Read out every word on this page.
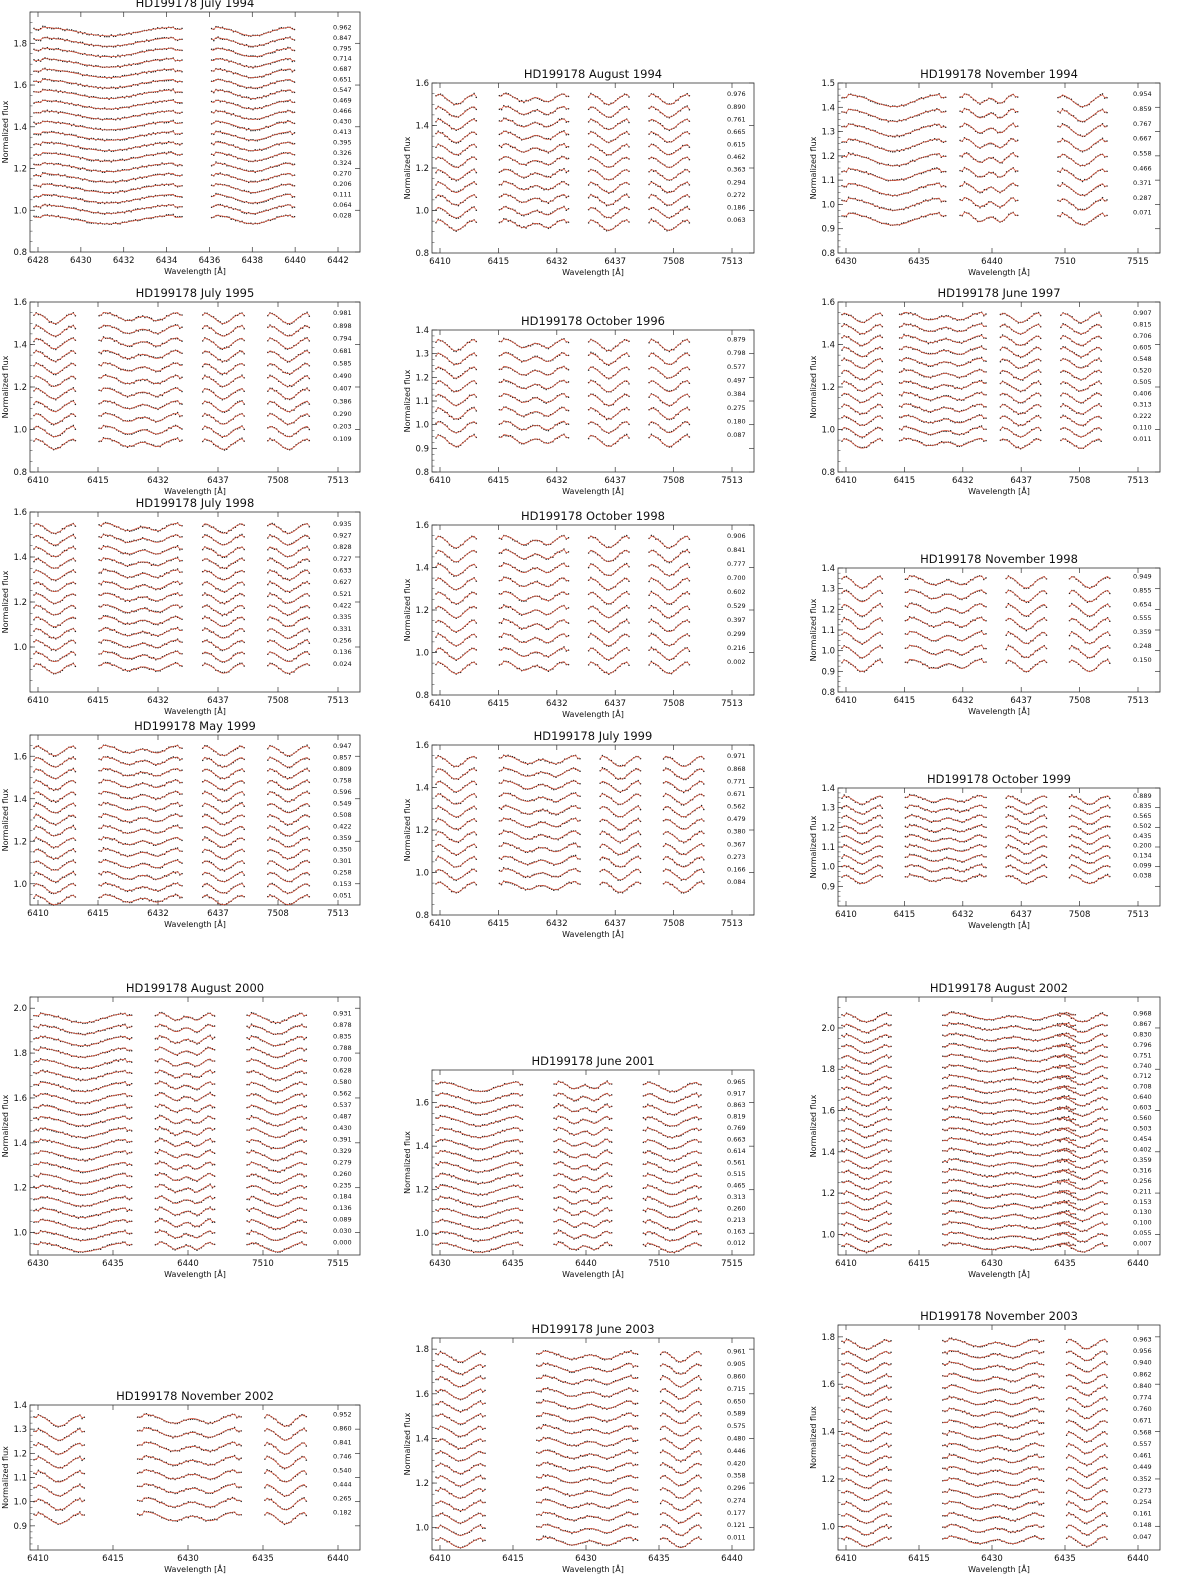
HD199178 July 1994
Normalized flux
Wavelength [Å]
0.8
1.0
1.2
1.4
1.6
1.8
6428 6430 6432 6434 6436 6438 6440 6442
0.962
0.847
0.795
0.714
0.687
0.651
0.547
0.469
0.466
0.430
0.413
0.395
0.326
0.324
0.270
0.206
0.111
0.064
0.028
HD199178 August 1994
Normalized flux
Wavelength [Å]
0.8
1.0
1.2
1.4
1.6
6410	6415	6432	6437	7508	7513
0.976
0.890
0.761
0.665
0.615
0.462
0.363
0.294
0.272
0.186
0.063
HD199178 November 1994
Normalized flux
Wavelength [Å]
0.8
0.9
1.0
1.1
1.2
1.3
1.4
1.5
6430	6435	6440	7510	7515
0.954
0.859
0.767
0.667
0.558
0.466
0.371
0.287
0.071
HD199178 July 1995
Normalized flux
Wavelength [Å]
0.8
1.0
1.2
1.4
1.6
6410	6415	6432	6437	7508	7513
0.981
0.898
0.794
0.681
0.585
0.490
0.407
0.386
0.290
0.203
0.109
HD199178 October 1996
Normalized flux
Wavelength [Å]
0.8
0.9
1.0
1.1
1.2
1.3
1.4
6410	6415	6432	6437	7508	7513
0.879
0.798
0.577
0.497
0.384
0.275
0.180
0.087
HD199178 June 1997
Normalized flux
Wavelength [Å]
0.8
1.0
1.2
1.4
1.6
6410	6415	6432	6437	7508	7513
0.907
0.815
0.706
0.605
0.548
0.520
0.505
0.406
0.313
0.222
0.110
0.011
HD199178 July 1998
Normalized flux
Wavelength [Å]
1.0
1.2
1.4
1.6
6410	6415	6432	6437	7508	7513
0.935
0.927
0.828
0.727
0.633
0.627
0.521
0.422
0.335
0.331
0.256
0.136
0.024
HD199178 October 1998
Normalized flux
Wavelength [Å]
0.8
1.0
1.2
1.4
1.6
6410	6415	6432	6437	7508	7513
0.906
0.841
0.777
0.700
0.602
0.529
0.397
0.299
0.216
0.002
HD199178 November 1998
Normalized flux
Wavelength [Å]
0.8
0.9
1.0
1.1
1.2
1.3
1.4
6410	6415	6432	6437	7508	7513
0.949
0.855
0.654
0.555
0.359
0.248
0.150
HD199178 May 1999
Normalized flux
Wavelength [Å]
1.0
1.2
1.4
1.6
6410	6415	6432	6437	7508	7513
0.947
0.857
0.809
0.758
0.596
0.549
0.508
0.422
0.359
0.350
0.301
0.258
0.153
0.051
HD199178 July 1999
Normalized flux
Wavelength [Å]
0.8
1.0
1.2
1.4
1.6
6410	6415	6432	6437	7508	7513
0.971
0.868
0.771
0.671
0.562
0.479
0.380
0.367
0.273
0.166
0.084
HD199178 October 1999
Normalized flux
Wavelength [Å]
0.9
1.0
1.1
1.2
1.3
1.4
6410	6415	6432	6437	7508	7513
0.889
0.835
0.565
0.502
0.435
0.200
0.134
0.099
0.038
HD199178 August 2000
Normalized flux
Wavelength [Å]
1.0
1.2
1.4
1.6
1.8
2.0
6430	6435	6440	7510	7515
0.931
0.878
0.835
0.788
0.700
0.628
0.580
0.562
0.537
0.487
0.430
0.391
0.329
0.279
0.260
0.235
0.184
0.136
0.089
0.030
0.000
HD199178 June 2001
Normalized flux
Wavelength [Å]
1.0
1.2
1.4
1.6
6430	6435	6440	7510	7515
0.965
0.917
0.863
0.819
0.769
0.663
0.614
0.561
0.515
0.465
0.313
0.260
0.213
0.163
0.012
HD199178 August 2002
Normalized flux
Wavelength [Å]
1.0
1.2
1.4
1.6
1.8
2.0
6410	6415	6430	6435	6440
0.968
0.867
0.830
0.796
0.751
0.740
0.712
0.708
0.640
0.603
0.560
0.503
0.454
0.402
0.359
0.316
0.256
0.211
0.153
0.130
0.100
0.055
0.007
HD199178 November 2002
Normalized flux
Wavelength [Å]
0.9
1.0
1.1
1.2
1.3
1.4
6410	6415	6430	6435	6440
0.952
0.860
0.841
0.746
0.540
0.444
0.265
0.182
HD199178 June 2003
Normalized flux
Wavelength [Å]
1.0
1.2
1.4
1.6
1.8
6410	6415	6430	6435	6440
0.961
0.905
0.860
0.715
0.650
0.589
0.575
0.480
0.446
0.420
0.358
0.296
0.274
0.177
0.121
0.011
HD199178 November 2003
Normalized flux
Wavelength [Å]
1.0
1.2
1.4
1.6
1.8
6410	6415	6430	6435	6440
0.963
0.956
0.940
0.862
0.840
0.774
0.760
0.671
0.568
0.557
0.461
0.449
0.352
0.273
0.254
0.161
0.148
0.047
